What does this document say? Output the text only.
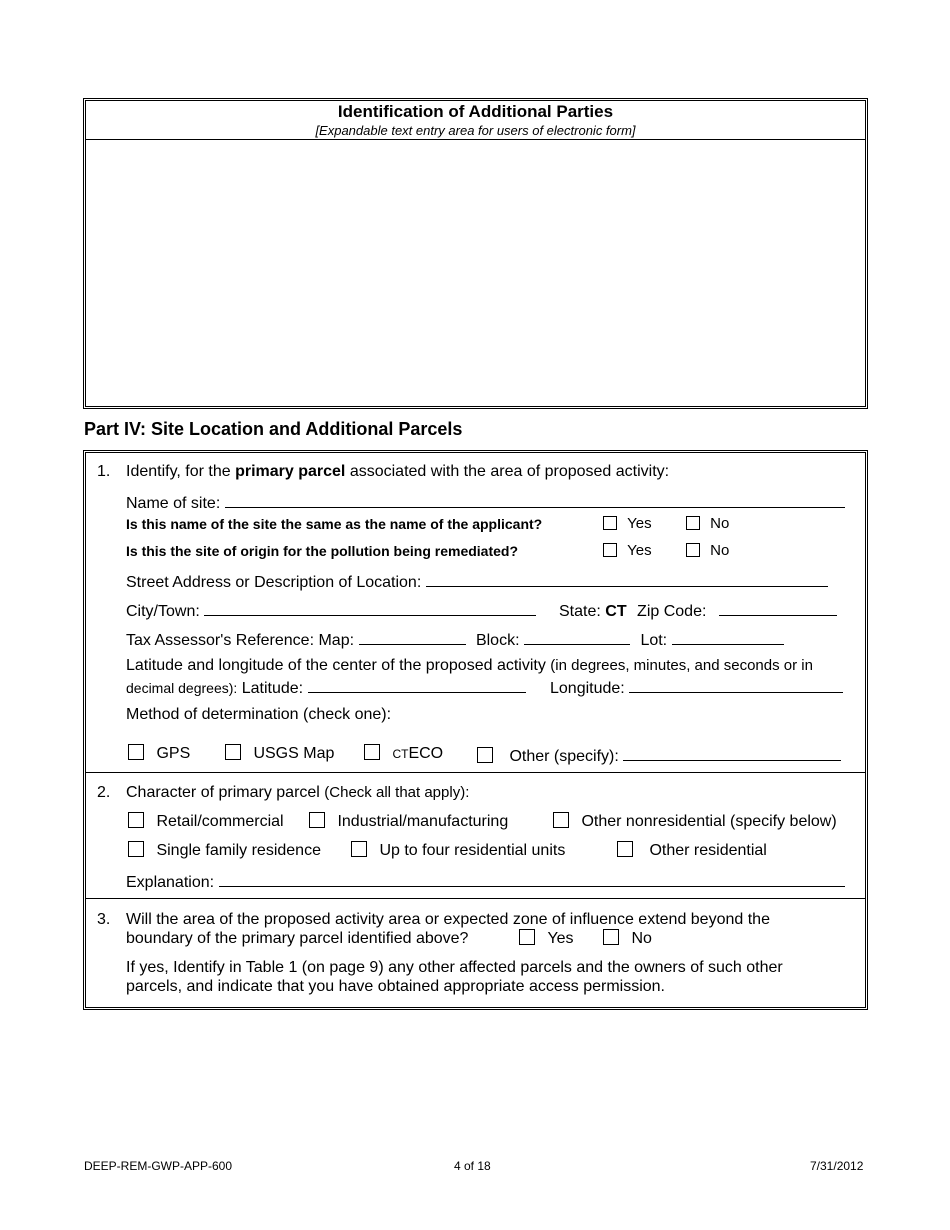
Identification of Additional Parties
[Expandable text entry area for users of electronic form]
Part IV: Site Location and Additional Parcels
1. Identify, for the primary parcel associated with the area of proposed activity:
Name of site:
Is this name of the site the same as the name of the applicant?	Yes	No
Is this the site of origin for the pollution being remediated?	Yes	No
Street Address or Description of Location:
City/Town:	State: CT Zip Code:
Tax Assessor's Reference: Map:	Block:	Lot:
Latitude and longitude of the center of the proposed activity (in degrees, minutes, and seconds or in
decimal degrees): Latitude:	Longitude:
Method of determination (check one):
GPS	USGS Map	CTECO	Other (specify):
2. Character of primary parcel (Check all that apply):
Retail/commercial	Industrial/manufacturing	Other nonresidential (specify below)
Single family residence	Up to four residential units	Other residential
Explanation:
3. Will the area of the proposed activity area or expected zone of influence extend beyond the
boundary of the primary parcel identified above?	Yes	No
If yes, Identify in Table 1 (on page 9) any other affected parcels and the owners of such other
parcels, and indicate that you have obtained appropriate access permission.
DEEP-REM-GWP-APP-600	4 of 18	7/31/2012
